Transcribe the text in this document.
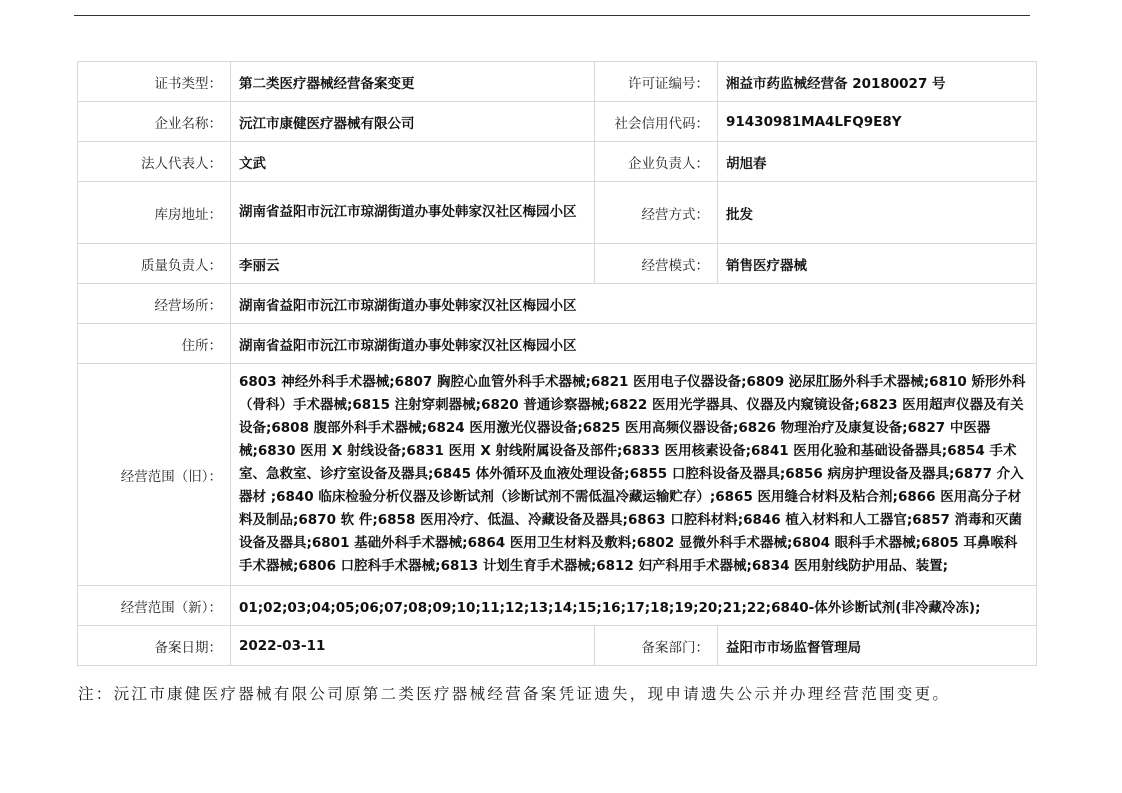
证书类型：	第二类医疗器械经营备案变更	许可证编号：	湘益市药监械经营备 20180027 号
企业名称：	沅江市康健医疗器械有限公司	社会信用代码：	91430981MA4LFQ9E8Y
法人代表人：	文武	企业负责人：	胡旭春
库房地址：	湖南省益阳市沅江市琼湖街道办事处韩家汉社区梅园小区	经营方式：	批发
质量负责人：	李丽云	经营模式：	销售医疗器械
经营场所：	湖南省益阳市沅江市琼湖街道办事处韩家汉社区梅园小区		
住所：	湖南省益阳市沅江市琼湖街道办事处韩家汉社区梅园小区		
经营范围（旧）：	6803 神经外科手术器械;6807 胸腔心血管外科手术器械;6821 医用电子仪器设备;6809 泌尿肛肠外科手术器械;6810 矫形外科（骨科）手术器械;6815 注射穿刺器械;6820 普通诊察器械;6822 医用光学器具、仪器及内窥镜设备;6823 医用超声仪器及有关设备;6808 腹部外科手术器械;6824 医用激光仪器设备;6825 医用高频仪器设备;6826 物理治疗及康复设备;6827 中医器械;6830 医用 X 射线设备;6831 医用 X 射线附属设备及部件;6833 医用核素设备;6841 医用化验和基础设备器具;6854 手术室、急救室、诊疗室设备及器具;6845 体外循环及血液处理设备;6855 口腔科设备及器具;6856 病房护理设备及器具;6877 介入器材 ;6840 临床检验分析仪器及诊断试剂（诊断试剂不需低温冷藏运输贮存）;6865 医用缝合材料及粘合剂;6866 医用高分子材料及制品;6870 软 件;6858 医用冷疗、低温、冷藏设备及器具;6863 口腔科材料;6846 植入材料和人工器官;6857 消毒和灭菌设备及器具;6801 基础外科手术器械;6864 医用卫生材料及敷料;6802 显微外科手术器械;6804 眼科手术器械;6805 耳鼻喉科手术器械;6806 口腔科手术器械;6813 计划生育手术器械;6812 妇产科用手术器械;6834 医用射线防护用品、装置;		
经营范围（新）：	01;02;03;04;05;06;07;08;09;10;11;12;13;14;15;16;17;18;19;20;21;22;6840-体外诊断试剂(非冷藏冷冻);		
备案日期：	2022-03-11	备案部门：	益阳市市场监督管理局
注：沅江市康健医疗器械有限公司原第二类医疗器械经营备案凭证遗失，现申请遗失公示并办理经营范围变更。
